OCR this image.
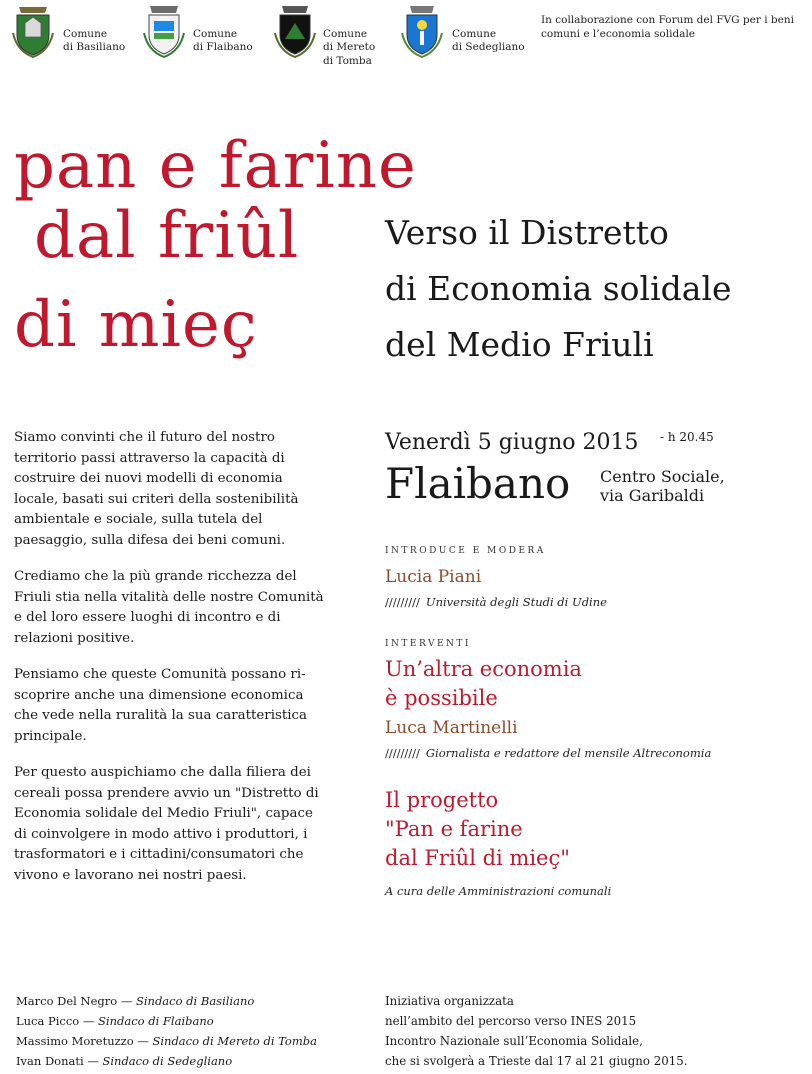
Comune
di Basiliano

Comune
di Flaibano

Comune
di Mereto
di Tomba

Comune
di Sedegliano

In collaborazione con Forum del FVG per i beni comuni e l’economia solidale
pan e farine
dal friûl
di mieç
Verso il Distretto
di Economia solidale
del Medio Friuli

Siamo convinti che il futuro del nostro territorio passi attraverso la capacità di costruire dei nuovi modelli di economia locale, basati sui criteri della sostenibilità ambientale e sociale, sulla tutela del paesaggio, sulla difesa dei beni comuni.

Crediamo che la più grande ricchezza del Friuli stia nella vitalità delle nostre Comunità e del loro essere luoghi di incontro e di relazioni positive.

Pensiamo che queste Comunità possano ri-scoprire anche una dimensione economica che vede nella ruralità la sua caratteristica principale.

Per questo auspichiamo che dalla filiera dei cereali possa prendere avvio un "Distretto di Economia solidale del Medio Friuli", capace di coinvolgere in modo attivo i produttori, i trasformatori e i cittadini/consumatori che vivono e lavorano nei nostri paesi.

Venerdì 5 giugno 2015 - h 20.45
Flaibano Centro Sociale,
via Garibaldi
INTRODUCE E MODERA
Lucia Piani
///////// Università degli Studi di Udine
INTERVENTI
Un’altra economia
è possibile
Luca Martinelli
///////// Giornalista e redattore del mensile Altreconomia
Il progetto
"Pan e farine
dal Friûl di mieç"
A cura delle Amministrazioni comunali
Marco Del Negro — Sindaco di Basiliano
Luca Picco — Sindaco di Flaibano
Massimo Moretuzzo — Sindaco di Mereto di Tomba
Ivan Donati — Sindaco di Sedegliano
Iniziativa organizzata
nell’ambito del percorso verso INES 2015
Incontro Nazionale sull’Economia Solidale,
che si svolgerà a Trieste dal 17 al 21 giugno 2015.
